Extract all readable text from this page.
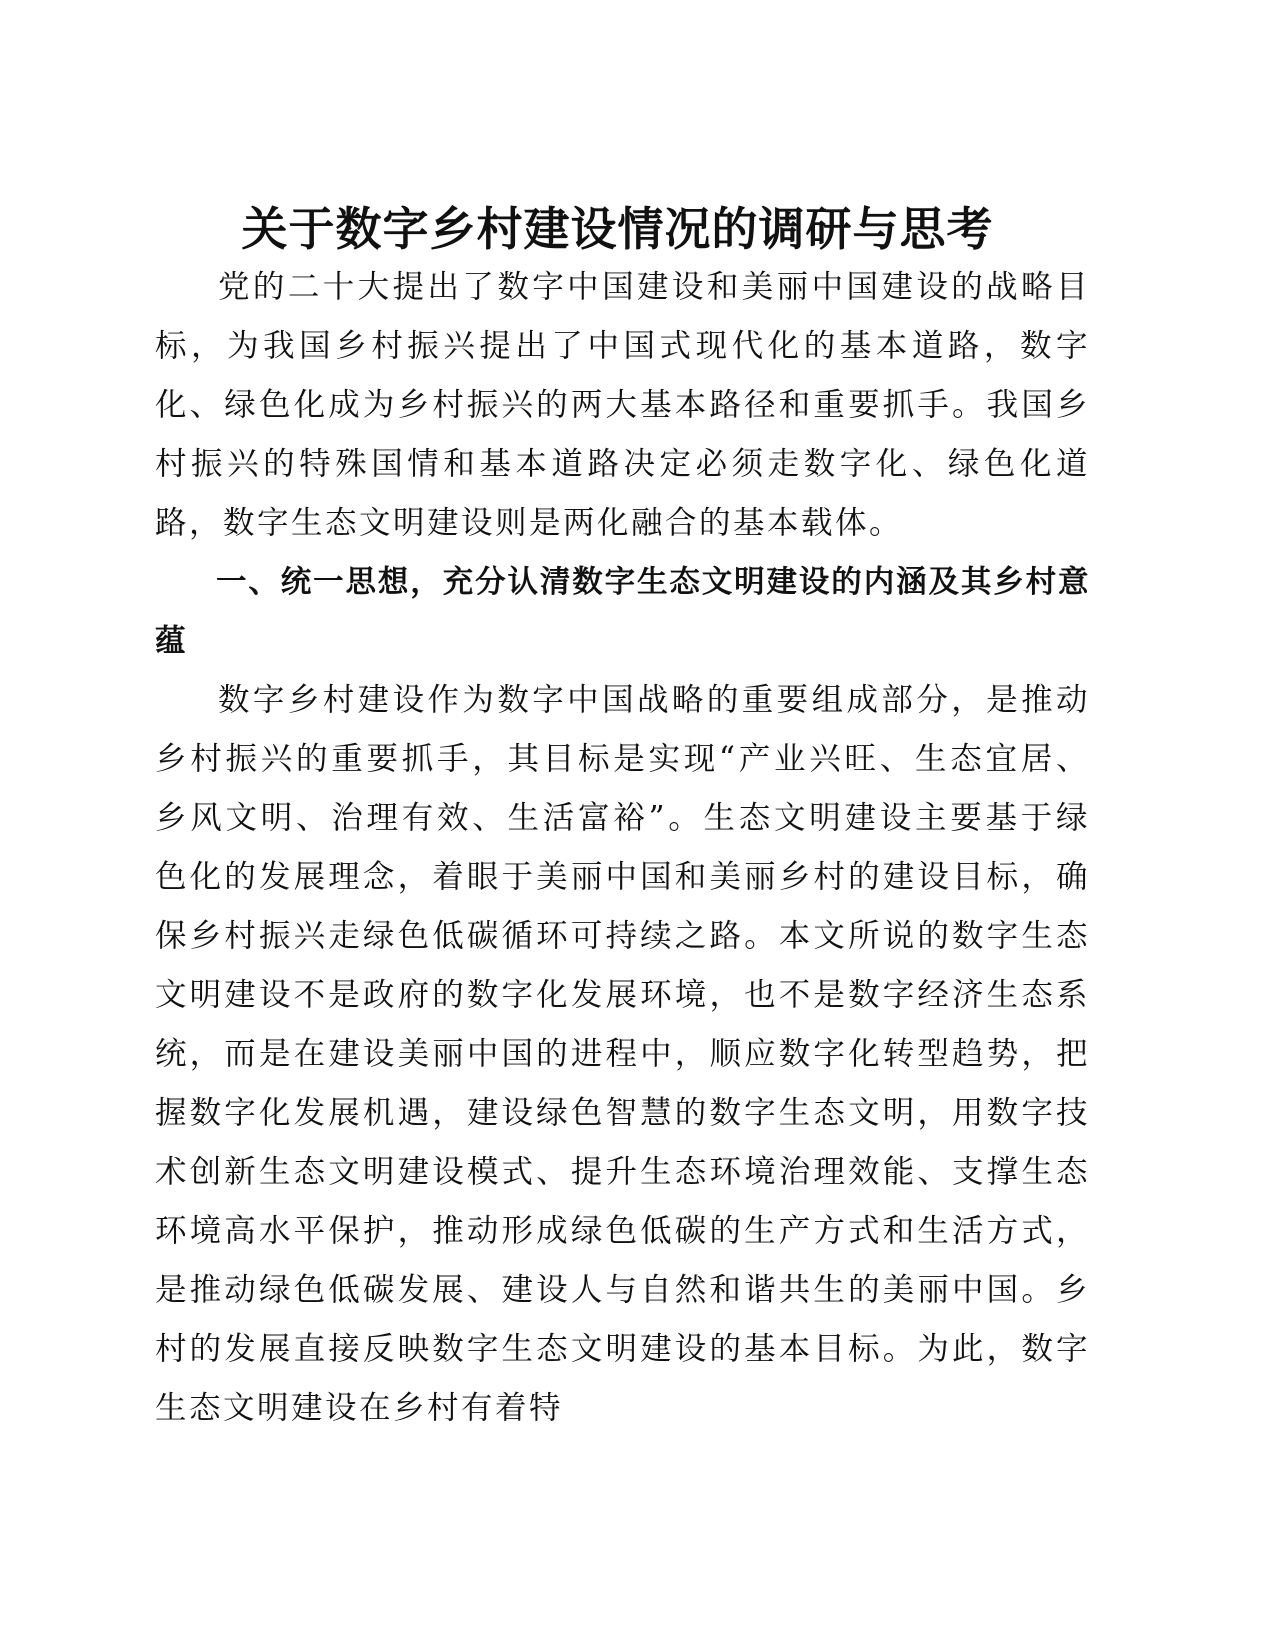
关于数字乡村建设情况的调研与思考

党的二十大提出了数字中国建设和美丽中国建设的战略目标，为我国乡村振兴提出了中国式现代化的基本道路，数字化、绿色化成为乡村振兴的两大基本路径和重要抓手。我国乡村振兴的特殊国情和基本道路决定必须走数字化、绿色化道路，数字生态文明建设则是两化融合的基本载体。

一、统一思想，充分认清数字生态文明建设的内涵及其乡村意蕴

数字乡村建设作为数字中国战略的重要组成部分，是推动乡村振兴的重要抓手，其目标是实现“产业兴旺、生态宜居、乡风文明、治理有效、生活富裕”。生态文明建设主要基于绿色化的发展理念，着眼于美丽中国和美丽乡村的建设目标，确保乡村振兴走绿色低碳循环可持续之路。本文所说的数字生态文明建设不是政府的数字化发展环境，也不是数字经济生态系统，而是在建设美丽中国的进程中，顺应数字化转型趋势，把握数字化发展机遇，建设绿色智慧的数字生态文明，用数字技术创新生态文明建设模式、提升生态环境治理效能、支撑生态环境高水平保护，推动形成绿色低碳的生产方式和生活方式，是推动绿色低碳发展、建设人与自然和谐共生的美丽中国。乡村的发展直接反映数字生态文明建设的基本目标。为此，数字生态文明建设在乡村有着特
